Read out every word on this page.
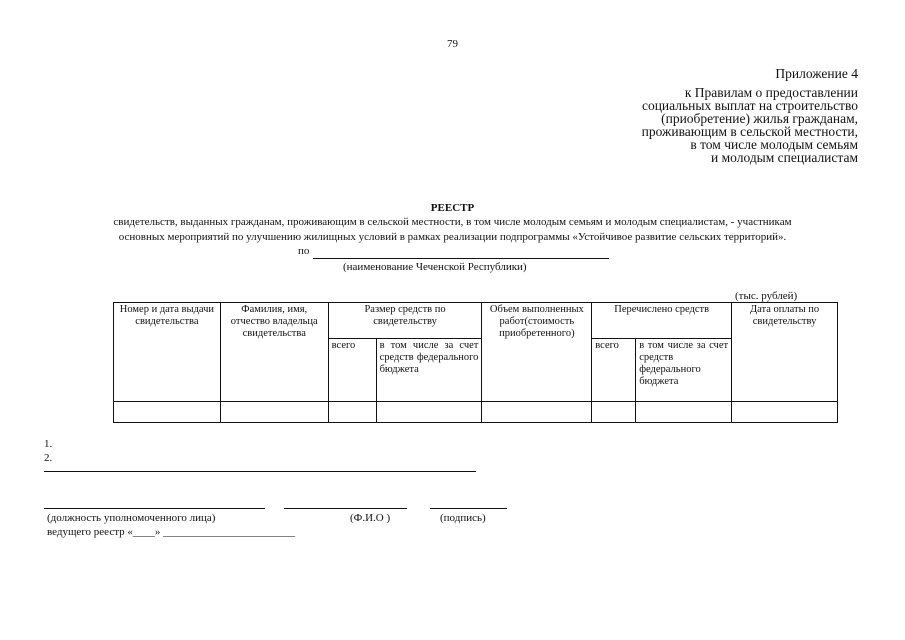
79
Приложение 4
к Правилам о предоставлении
социальных выплат на строительство
(приобретение) жилья гражданам,
проживающим в сельской местности,
в том числе молодым семьям
и молодым специалистам
РЕЕСТР
свидетельств, выданных гражданам, проживающим в сельской местности, в том числе молодым семьям и молодым специалистам, - участникам
основных мероприятий по улучшению жилищных условий в рамках реализации подпрограммы «Устойчивое развитие сельских территорий».
по
(наименование Чеченской Республики)
(тыс. рублей)
Номер и дата выдачи свидетельства	Фамилия, имя, отчество владельца свидетельства	Размер средств по свидетельству		Объем выполненных работ(стоимость приобретенного)	Перечислено средств		Дата оплаты по свидетельству
		всего	в том числе за счет средств федерального бюджета		всего	в том числе за счет средств федерального бюджета	

1.
2.
(должность уполномоченного лица)	(Ф.И.О )	(подпись)
ведущего реестр «____» ________________________
